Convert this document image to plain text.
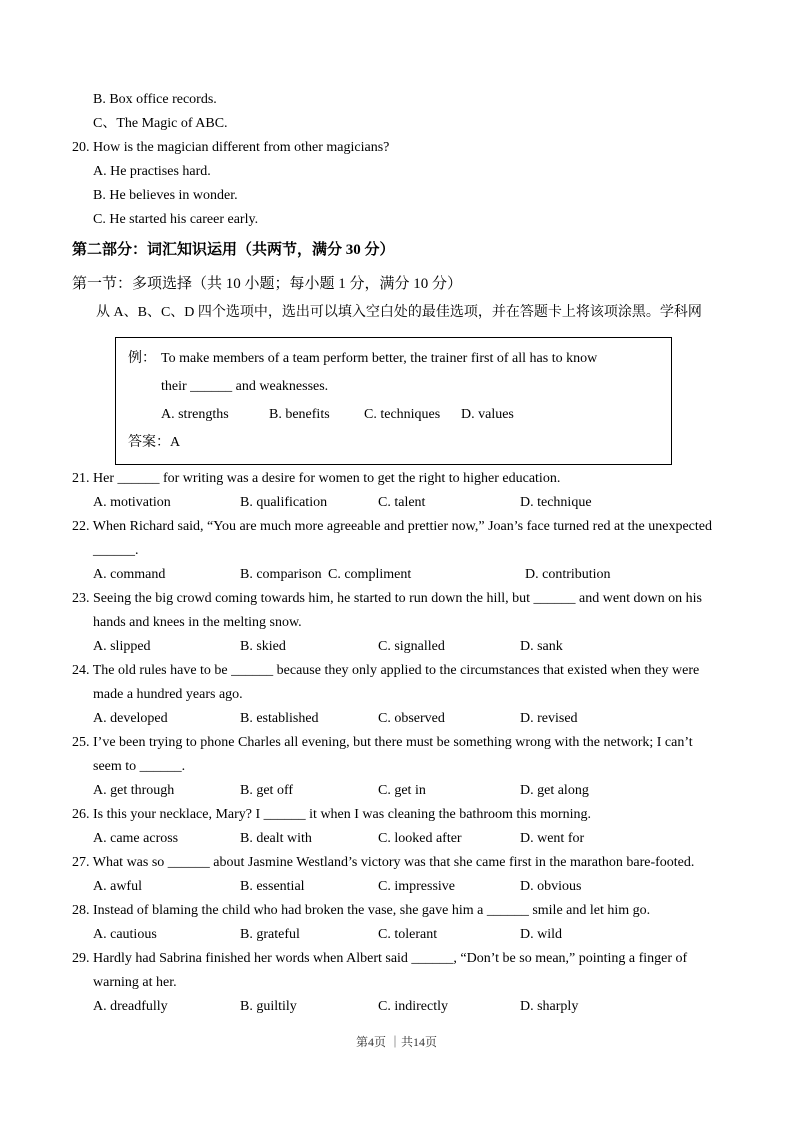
B. Box office records.

C、The Magic of ABC.

20. How is the magician different from other magicians?

A. He practises hard.

B. He believes in wonder.

C. He started his career early.

第二部分：词汇知识运用（共两节，满分 30 分）

第一节：多项选择（共 10 小题；每小题 1 分，满分 10 分）

从 A、B、C、D 四个选项中，选出可以填入空白处的最佳选项，并在答题卡上将该项涂黑。学科网

例： To make members of a team perform better, the trainer first of all has to know

their ______ and weaknesses.

A. strengths	B. benefits	C. techniques	D. values

答案：A

21. Her ______ for writing was a desire for women to get the right to higher education.

A. motivation	B. qualification	C. talent	D. technique

22. When Richard said, “You are much more agreeable and prettier now,” Joan’s face turned red at the unexpected

______.

A. command	B. comparison C. compliment	D. contribution

23. Seeing the big crowd coming towards him, he started to run down the hill, but ______ and went down on his

hands and knees in the melting snow.

A. slipped	B. skied	C. signalled	D. sank

24. The old rules have to be ______ because they only applied to the circumstances that existed when they were

made a hundred years ago.

A. developed	B. established	C. observed	D. revised

25. I’ve been trying to phone Charles all evening, but there must be something wrong with the network; I can’t

seem to ______.

A. get through	B. get off	C. get in	D. get along

26. Is this your necklace, Mary? I ______ it when I was cleaning the bathroom this morning.

A. came across	B. dealt with	C. looked after	D. went for

27. What was so ______ about Jasmine Westland’s victory was that she came first in the marathon bare-footed.

A. awful	B. essential	C. impressive	D. obvious

28. Instead of blaming the child who had broken the vase, she gave him a ______ smile and let him go.

A. cautious	B. grateful	C. tolerant	D. wild

29. Hardly had Sabrina finished her words when Albert said ______, “Don’t be so mean,” pointing a finger of

warning at her.

A. dreadfully	B. guiltily	C. indirectly	D. sharply
第4页 ｜共14页
